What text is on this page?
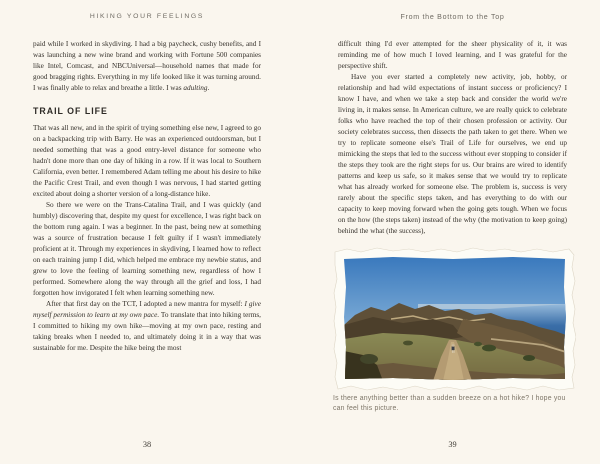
HIKING YOUR FEELINGS

paid while I worked in skydiving. I had a big paycheck, cushy benefits, and I was launching a new wine brand and working with Fortune 500 companies like Intel, Comcast, and NBCUniversal—household names that made for good bragging rights. Everything in my life looked like it was turning around. I was finally able to relax and breathe a little. I was adulting.

TRAIL OF LIFE

That was all new, and in the spirit of trying something else new, I agreed to go on a backpacking trip with Barry. He was an experienced outdoorsman, but I needed something that was a good entry-level distance for someone who hadn't done more than one day of hiking in a row. If it was local to Southern California, even better. I remembered Adam telling me about his desire to hike the Pacific Crest Trail, and even though I was nervous, I had started getting excited about doing a shorter version of a long-distance hike.

So there we were on the Trans-Catalina Trail, and I was quickly (and humbly) discovering that, despite my quest for excellence, I was right back on the bottom rung again. I was a beginner. In the past, being new at something was a source of frustration because I felt guilty if I wasn't immediately proficient at it. Through my experiences in skydiving, I learned how to reflect on each training jump I did, which helped me embrace my newbie status, and grew to love the feeling of learning something new, regardless of how I performed. Somewhere along the way through all the grief and loss, I had forgotten how invigorated I felt when learning something new.

After that first day on the TCT, I adopted a new mantra for myself: I give myself permission to learn at my own pace. To translate that into hiking terms, I committed to hiking my own hike—moving at my own pace, resting and taking breaks when I needed to, and ultimately doing it in a way that was sustainable for me. Despite the hike being the most

38
From the Bottom to the Top

difficult thing I'd ever attempted for the sheer physicality of it, it was reminding me of how much I loved learning, and I was grateful for the perspective shift.

Have you ever started a completely new activity, job, hobby, or relationship and had wild expectations of instant success or proficiency? I know I have, and when we take a step back and consider the world we're living in, it makes sense. In American culture, we are really quick to celebrate folks who have reached the top of their chosen profession or activity. Our society celebrates success, then dissects the path taken to get there. When we try to replicate someone else's Trail of Life for ourselves, we end up mimicking the steps that led to the success without ever stopping to consider if the steps they took are the right steps for us. Our brains are wired to identify patterns and keep us safe, so it makes sense that we would try to replicate what has already worked for someone else. The problem is, success is very rarely about the specific steps taken, and has everything to do with our capacity to keep moving forward when the going gets tough. When we focus on the how (the steps taken) instead of the why (the motivation to keep going) behind the what (the success),

Is there anything better than a sudden breeze on a hot hike? I hope you can feel this picture.
39
